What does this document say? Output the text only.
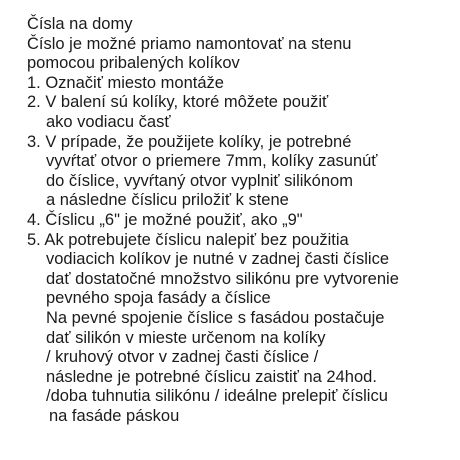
Čísla na domy
Číslo je možné priamo namontovať na stenu
pomocou pribalených kolíkov
1. Označiť miesto montáže
2. V balení sú kolíky, ktoré môžete použiť
ako vodiacu časť
3. V prípade, že použijete kolíky, je potrebné
vyvŕtať otvor o priemere 7mm, kolíky zasunúť
do číslice, vyvŕtaný otvor vyplniť silikónom
a následne číslicu priložiť k stene
4. Číslicu „6" je možné použiť, ako „9"
5. Ak potrebujete číslicu nalepiť bez použitia
vodiacich kolíkov je nutné v zadnej časti číslice
dať dostatočné množstvo silikónu pre vytvorenie
pevného spoja fasády a číslice
Na pevné spojenie číslice s fasádou postačuje
dať silikón v mieste určenom na kolíky
/ kruhový otvor v zadnej časti číslice /
následne je potrebné číslicu zaistiť na 24hod.
/doba tuhnutia silikónu / ideálne prelepiť číslicu
na fasáde páskou
